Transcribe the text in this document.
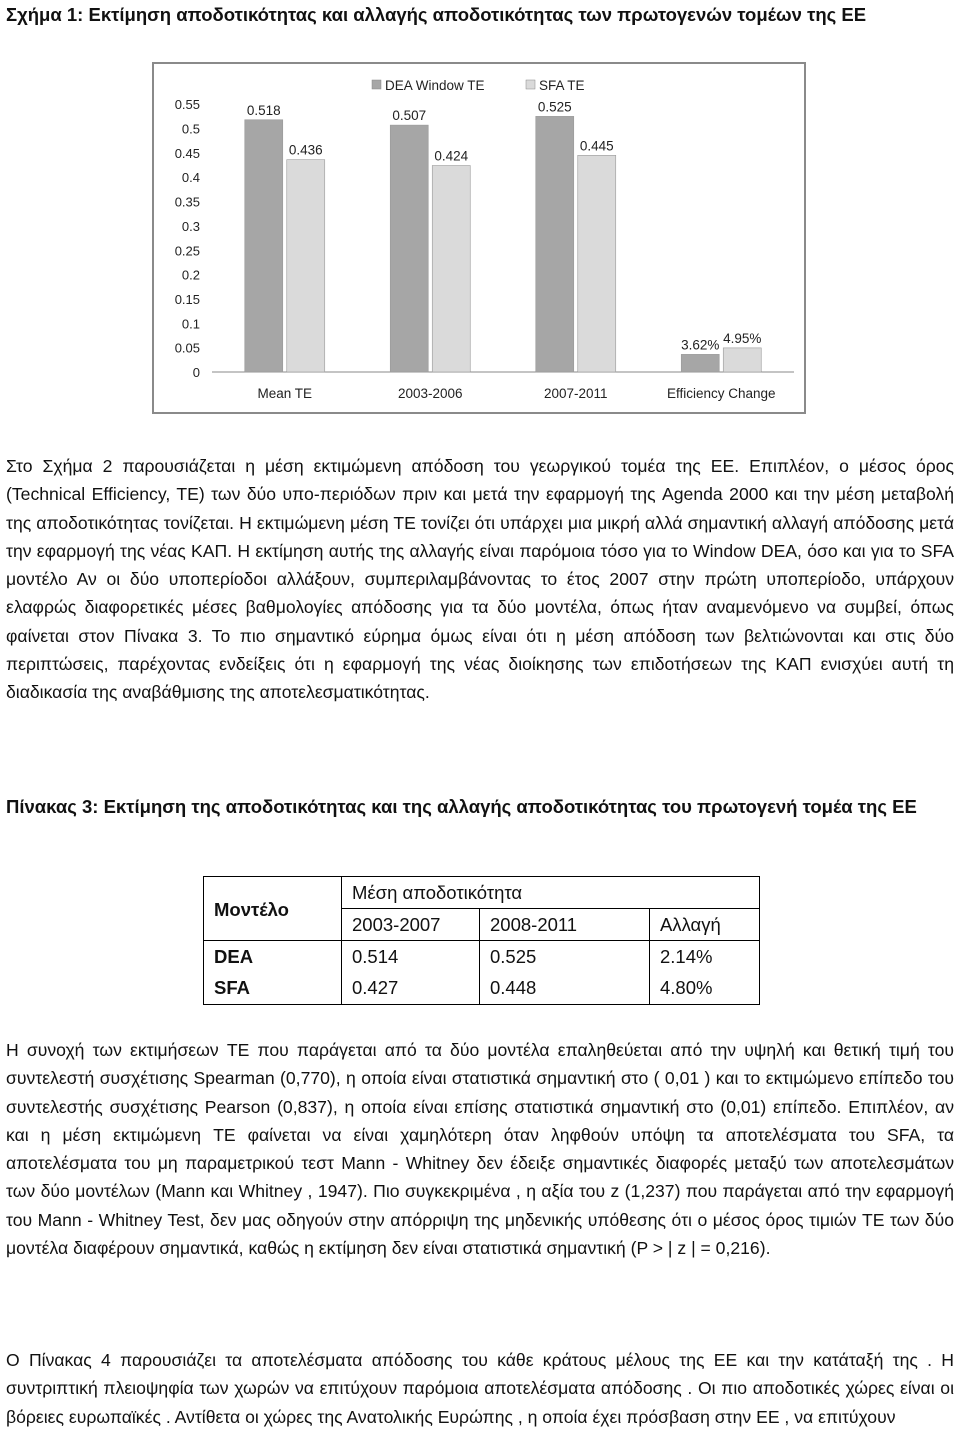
Σχήμα 1: Εκτίμηση αποδοτικότητας και αλλαγής αποδοτικότητας των πρωτογενών τομέων της ΕΕ
0
0.05
0.1
0.15
0.2
0.25
0.3
0.35
0.4
0.45
0.5
0.55
DEA Window TE	SFA TE
0.518
0.436
Mean TE
0.507
0.424
2003-2006
0.525
0.445
2007-2011
3.62% 4.95%
Efficiency Change
Στο Σχήμα 2 παρουσιάζεται η μέση εκτιμώμενη απόδοση του γεωργικού τομέα της ΕΕ. Επιπλέον, ο μέσος όρος (Technical Efficiency, TE) των δύο υπο-περιόδων πριν και μετά την εφαρμογή της Agenda 2000 και την μέση μεταβολή της αποδοτικότητας τονίζεται. Η εκτιμώμενη μέση ΤΕ τονίζει ότι υπάρχει μια μικρή αλλά σημαντική αλλαγή απόδοσης μετά την εφαρμογή της νέας ΚΑΠ. Η εκτίμηση αυτής της αλλαγής είναι παρόμοια τόσο για το Window DEA, όσο και για το SFA μοντέλο Αν οι δύο υποπερίοδοι αλλάξουν, συμπεριλαμβάνοντας το έτος 2007 στην πρώτη υποπερίοδο, υπάρχουν ελαφρώς διαφορετικές μέσες βαθμολογίες απόδοσης για τα δύο μοντέλα, όπως ήταν αναμενόμενο να συμβεί, όπως φαίνεται στον Πίνακα 3. Το πιο σημαντικό εύρημα όμως είναι ότι η μέση απόδοση των βελτιώνονται και στις δύο περιπτώσεις, παρέχοντας ενδείξεις ότι η εφαρμογή της νέας διοίκησης των επιδοτήσεων της ΚΑΠ ενισχύει αυτή τη διαδικασία της αναβάθμισης της αποτελεσματικότητας.
Πίνακας 3: Εκτίμηση της αποδοτικότητας και της αλλαγής αποδοτικότητας του πρωτογενή τομέα της ΕΕ
Μοντέλο	Μέση αποδοτικότητα		
	2003-2007	2008-2011	Αλλαγή
DEA	0.514	0.525	2.14%
SFA	0.427	0.448	4.80%
Η συνοχή των εκτιμήσεων TE που παράγεται από τα δύο μοντέλα επαληθεύεται από την υψηλή και θετική τιμή του συντελεστή συσχέτισης Spearman (0,770), η οποία είναι στατιστικά σημαντική στο ( 0,01 ) και το εκτιμώμενο επίπεδο του συντελεστής συσχέτισης Pearson (0,837), η οποία είναι επίσης στατιστικά σημαντική στο (0,01) επίπεδο. Επιπλέον, αν και η μέση εκτιμώμενη TE φαίνεται να είναι χαμηλότερη όταν ληφθούν υπόψη τα αποτελέσματα του SFA, τα αποτελέσματα του μη παραμετρικού τεστ Mann - Whitney δεν έδειξε σημαντικές διαφορές μεταξύ των αποτελεσμάτων των δύο μοντέλων (Mann και Whitney , 1947). Πιο συγκεκριμένα , η αξία του z (1,237) που παράγεται από την εφαρμογή του Mann - Whitney Test, δεν μας οδηγούν στην απόρριψη της μηδενικής υπόθεσης ότι ο μέσος όρος τιμιών TE των δύο μοντέλα διαφέρουν σημαντικά, καθώς η εκτίμηση δεν είναι στατιστικά σημαντική (P > | z | = 0,216).
Ο Πίνακας 4 παρουσιάζει τα αποτελέσματα απόδοσης του κάθε κράτους μέλους της ΕΕ και την κατάταξή της . Η συντριπτική πλειοψηφία των χωρών να επιτύχουν παρόμοια αποτελέσματα απόδοσης . Οι πιο αποδοτικές χώρες είναι οι βόρειες ευρωπαϊκές . Αντίθετα οι χώρες της Ανατολικής Ευρώπης , η οποία έχει πρόσβαση στην ΕΕ , να επιτύχουν
